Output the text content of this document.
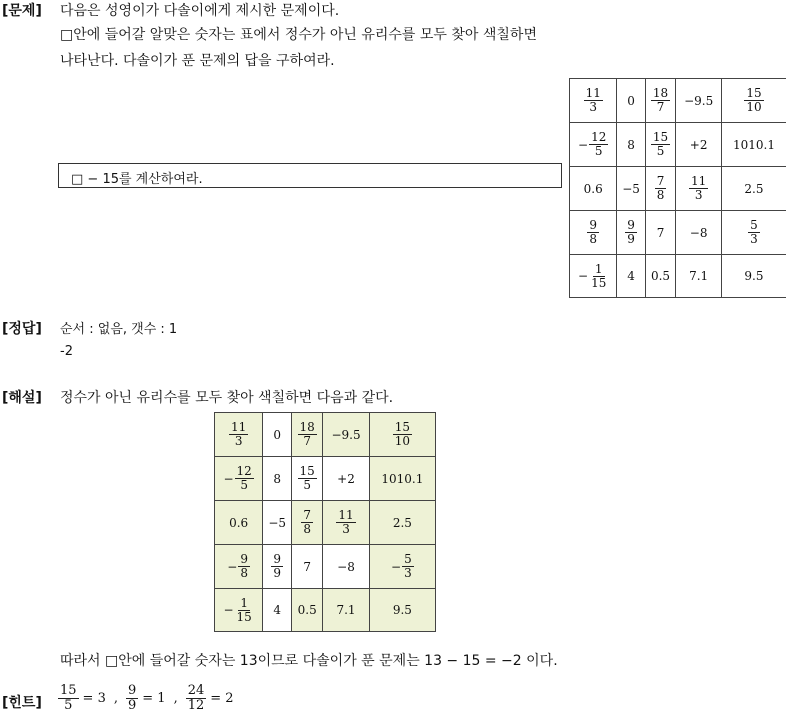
[문제] 다음은 성영이가 다솔이에게 제시한 문제이다.
□안에 들어갈 알맞은 숫자는 표에서 정수가 아닌 유리수를 모두 찾아 색칠하면
나타난다. 다솔이가 푼 문제의 답을 구하여라.
□ − 15를 계산하여라.
$\frac{11}{3}$	0	$\frac{18}{7}$	−9.5	$\frac{15}{10}$

− $\frac{12}{5}$	8	$\frac{15}{5}$	+2	1010.1
0.6	−5	$\frac{7}{8}$	$\frac{11}{3}$	2.5

$\frac{9}{8}$	$\frac{9}{9}$	7	−8	$\frac{5}{3}$

− $\frac{1}{15}$	4	0.5	7.1	9.5
[정답] 순서 : 없음, 갯수 : 1
-2
[해설] 정수가 아닌 유리수를 모두 찾아 색칠하면 다음과 같다.
$\frac{11}{3}$	0	$\frac{18}{7}$	−9.5	$\frac{15}{10}$

− $\frac{12}{5}$	8	$\frac{15}{5}$	+2	1010.1
0.6	−5	$\frac{7}{8}$	$\frac{11}{3}$	2.5
− $\frac{9}{8}$	$\frac{9}{9}$	7	−8	− $\frac{5}{3}$

− $\frac{1}{15}$	4	0.5	7.1	9.5
따라서 □안에 들어갈 숫자는 13이므로 다솔이가 푼 문제는 13 − 15 = −2 이다.
[힌트] $\frac{15}{5} = 3$ , $\frac{9}{9} = 1$ , $\frac{24}{12} = 2$
